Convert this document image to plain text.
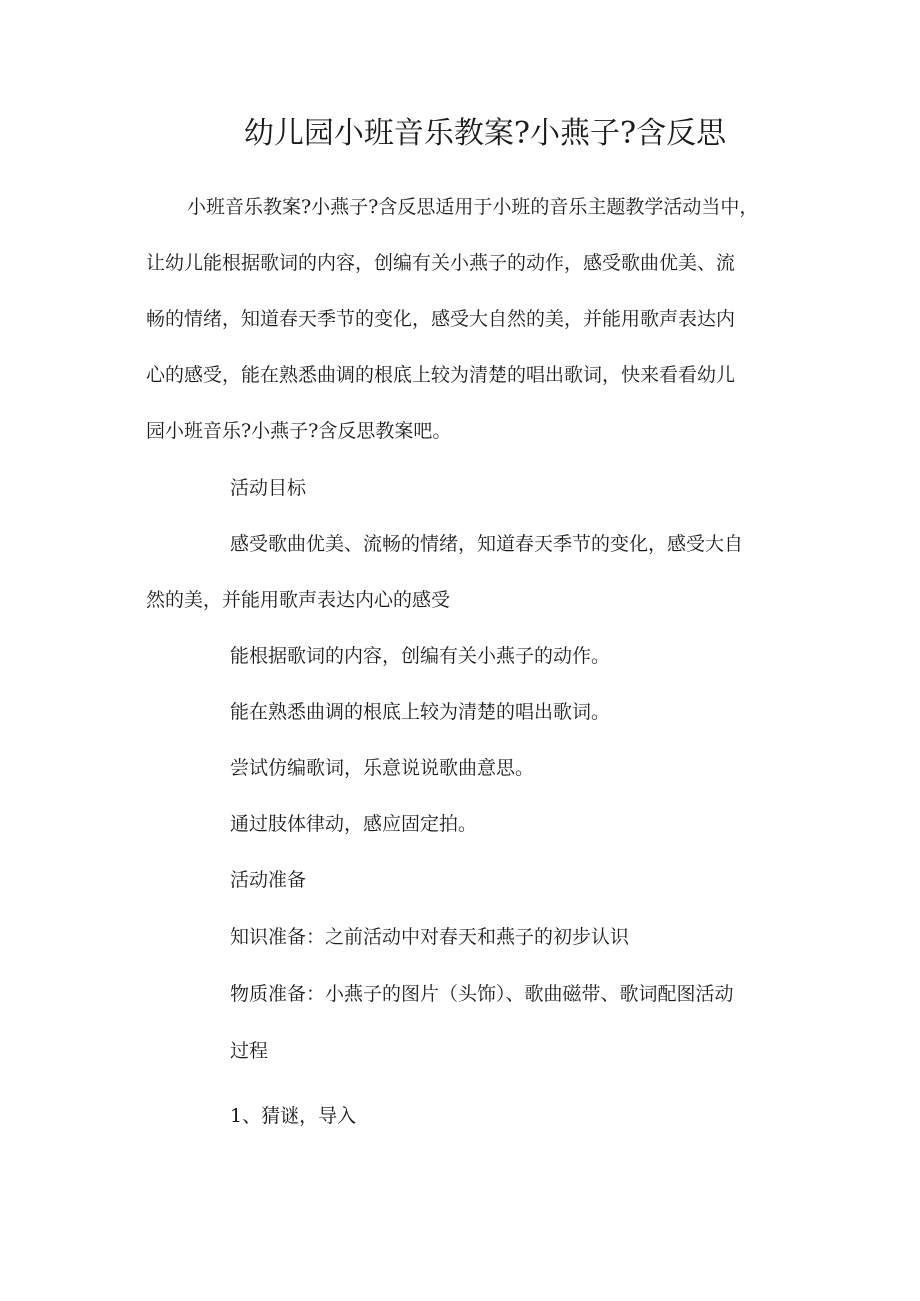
幼儿园小班音乐教案?小燕子?含反思
小班音乐教案?小燕子?含反思适用于小班的音乐主题教学活动当中，
让幼儿能根据歌词的内容，创编有关小燕子的动作，感受歌曲优美、流
畅的情绪，知道春天季节的变化，感受大自然的美，并能用歌声表达内
心的感受，能在熟悉曲调的根底上较为清楚的唱出歌词，快来看看幼儿
园小班音乐?小燕子?含反思教案吧。
活动目标
感受歌曲优美、流畅的情绪，知道春天季节的变化，感受大自
然的美，并能用歌声表达内心的感受
能根据歌词的内容，创编有关小燕子的动作。
能在熟悉曲调的根底上较为清楚的唱出歌词。
尝试仿编歌词，乐意说说歌曲意思。
通过肢体律动，感应固定拍。
活动准备
知识准备：之前活动中对春天和燕子的初步认识
物质准备：小燕子的图片（头饰）、歌曲磁带、歌词配图活动
过程
1、猜谜，导入
